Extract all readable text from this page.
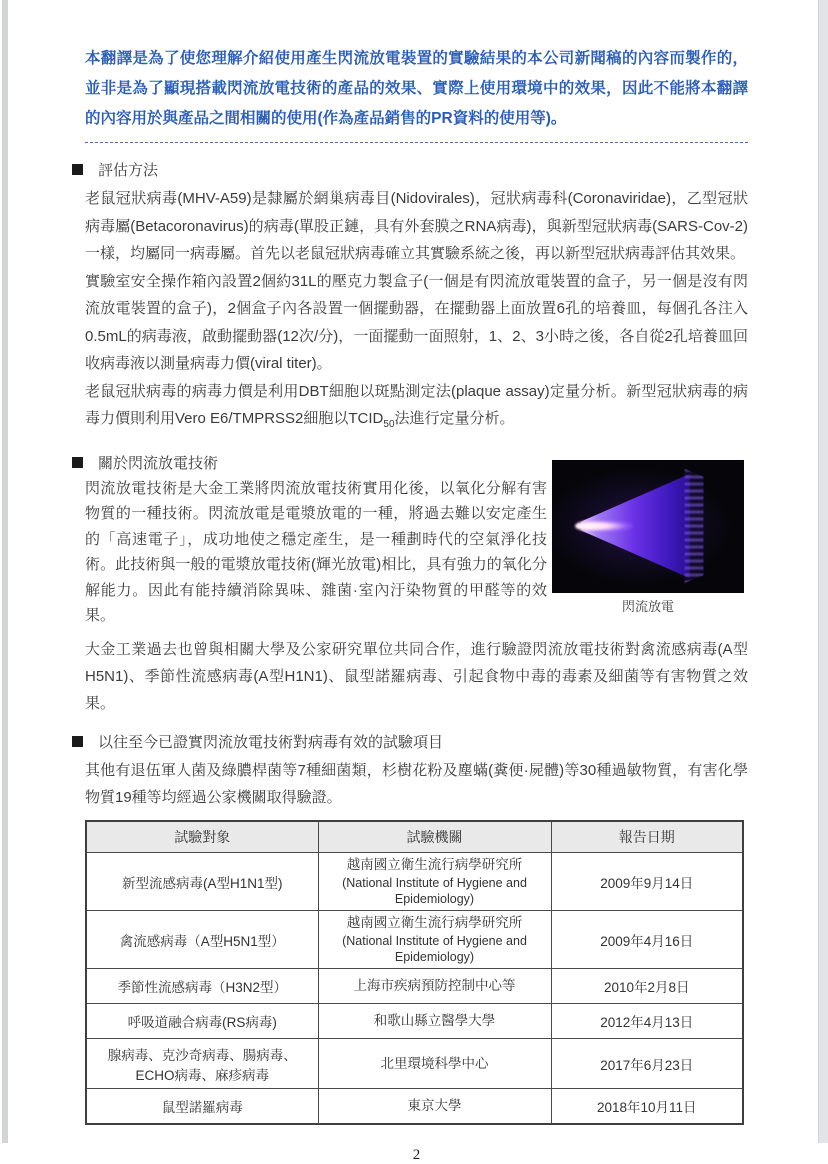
本翻譯是為了使您理解介紹使用產生閃流放電裝置的實驗結果的本公司新聞稿的內容而製作的，並非是為了顯現搭載閃流放電技術的產品的效果、實際上使用環境中的效果，因此不能將本翻譯的內容用於與產品之間相關的使用(作為產品銷售的PR資料的使用等)。

評估方法

老鼠冠狀病毒(MHV-A59)是隸屬於網巢病毒目(Nidovirales)，冠狀病毒科(Coronaviridae)，乙型冠狀病毒屬(Betacoronavirus)的病毒(單股正鏈，具有外套膜之RNA病毒)，與新型冠狀病毒(SARS-Cov-2)一樣，均屬同一病毒屬。首先以老鼠冠狀病毒確立其實驗系統之後，再以新型冠狀病毒評估其效果。

實驗室安全操作箱內設置2個約31L的壓克力製盒子(一個是有閃流放電裝置的盒子，另一個是沒有閃流放電裝置的盒子)，2個盒子內各設置一個擺動器，在擺動器上面放置6孔的培養皿，每個孔各注入0.5mL的病毒液，啟動擺動器(12次/分)，一面擺動一面照射，1、2、3小時之後，各自從2孔培養皿回收病毒液以測量病毒力價(viral titer)。

老鼠冠狀病毒的病毒力價是利用DBT細胞以斑點測定法(plaque assay)定量分析。新型冠狀病毒的病毒力價則利用Vero E6/TMPRSS2細胞以$TCID_{50}$法進行定量分析。

關於閃流放電技術

閃流放電技術是大金工業將閃流放電技術實用化後，以氧化分解有害物質的一種技術。閃流放電是電漿放電的一種，將過去難以安定產生的「高速電子」，成功地使之穩定產生，是一種劃時代的空氣淨化技術。此技術與一般的電漿放電技術(輝光放電)相比，具有強力的氧化分解能力。因此有能持續消除異味、雜菌·室內汙染物質的甲醛等的效果。

閃流放電

大金工業過去也曾與相關大學及公家研究單位共同合作，進行驗證閃流放電技術對禽流感病毒(A型H5N1)、季節性流感病毒(A型H1N1)、鼠型諾羅病毒、引起食物中毒的毒素及細菌等有害物質之效果。

以往至今已證實閃流放電技術對病毒有效的試驗項目

其他有退伍軍人菌及綠膿桿菌等7種細菌類，杉樹花粉及塵蟎(糞便·屍體)等30種過敏物質，有害化學物質19種等均經過公家機關取得驗證。

試驗對象	試驗機關	報告日期
新型流感病毒(A型H1N1型)	越南國立衛生流行病學研究所
(National Institute of Hygiene and Epidemiology)	2009年9月14日
禽流感病毒（A型H5N1型）	越南國立衛生流行病學研究所
(National Institute of Hygiene and Epidemiology)	2009年4月16日
季節性流感病毒（H3N2型）	上海市疾病預防控制中心等	2010年2月8日
呼吸道融合病毒(RS病毒)	和歌山縣立醫學大學	2012年4月13日
腺病毒、克沙奇病毒、腸病毒、ECHO病毒、麻疹病毒	北里環境科學中心	2017年6月23日
鼠型諾羅病毒	東京大學	2018年10月11日
2
